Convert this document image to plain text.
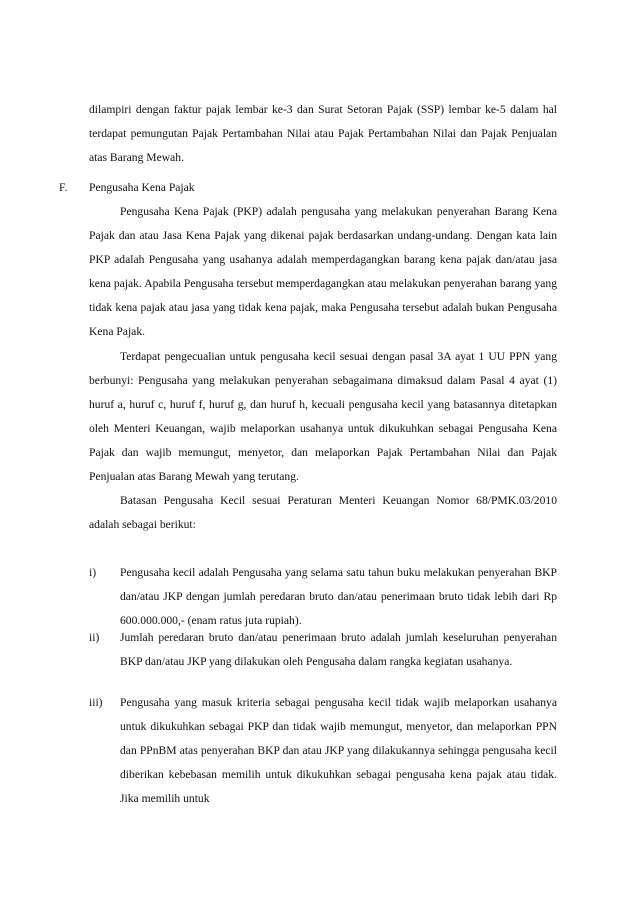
dilampiri dengan faktur pajak lembar ke-3 dan Surat Setoran Pajak (SSP) lembar ke-5 dalam hal terdapat pemungutan Pajak Pertambahan Nilai atau Pajak Pertambahan Nilai dan Pajak Penjualan atas Barang Mewah.

F. Pengusaha Kena Pajak

Pengusaha Kena Pajak (PKP) adalah pengusaha yang melakukan penyerahan Barang Kena Pajak dan atau Jasa Kena Pajak yang dikenai pajak berdasarkan undang-undang. Dengan kata lain PKP adalah Pengusaha yang usahanya adalah memperdagangkan barang kena pajak dan/atau jasa kena pajak. Apabila Pengusaha tersebut memperdagangkan atau melakukan penyerahan barang yang tidak kena pajak atau jasa yang tidak kena pajak, maka Pengusaha tersebut adalah bukan Pengusaha Kena Pajak.

Terdapat pengecualian untuk pengusaha kecil sesuai dengan pasal 3A ayat 1 UU PPN yang berbunyi: Pengusaha yang melakukan penyerahan sebagaimana dimaksud dalam Pasal 4 ayat (1) huruf a, huruf c, huruf f, huruf g, dan huruf h, kecuali pengusaha kecil yang batasannya ditetapkan oleh Menteri Keuangan, wajib melaporkan usahanya untuk dikukuhkan sebagai Pengusaha Kena Pajak dan wajib memungut, menyetor, dan melaporkan Pajak Pertambahan Nilai dan Pajak Penjualan atas Barang Mewah yang terutang.

Batasan Pengusaha Kecil sesuai Peraturan Menteri Keuangan Nomor 68/PMK.03/2010 adalah sebagai berikut:

i) Pengusaha kecil adalah Pengusaha yang selama satu tahun buku melakukan penyerahan BKP dan/atau JKP dengan jumlah peredaran bruto dan/atau penerimaan bruto tidak lebih dari Rp 600.000.000,- (enam ratus juta rupiah).
ii) Jumlah peredaran bruto dan/atau penerimaan bruto adalah jumlah keseluruhan penyerahan BKP dan/atau JKP yang dilakukan oleh Pengusaha dalam rangka kegiatan usahanya.
iii) Pengusaha yang masuk kriteria sebagai pengusaha kecil tidak wajib melaporkan usahanya untuk dikukuhkan sebagai PKP dan tidak wajib memungut, menyetor, dan melaporkan PPN dan PPnBM atas penyerahan BKP dan atau JKP yang dilakukannya sehingga pengusaha kecil diberikan kebebasan memilih untuk dikukuhkan sebagai pengusaha kena pajak atau tidak. Jika memilih untuk
